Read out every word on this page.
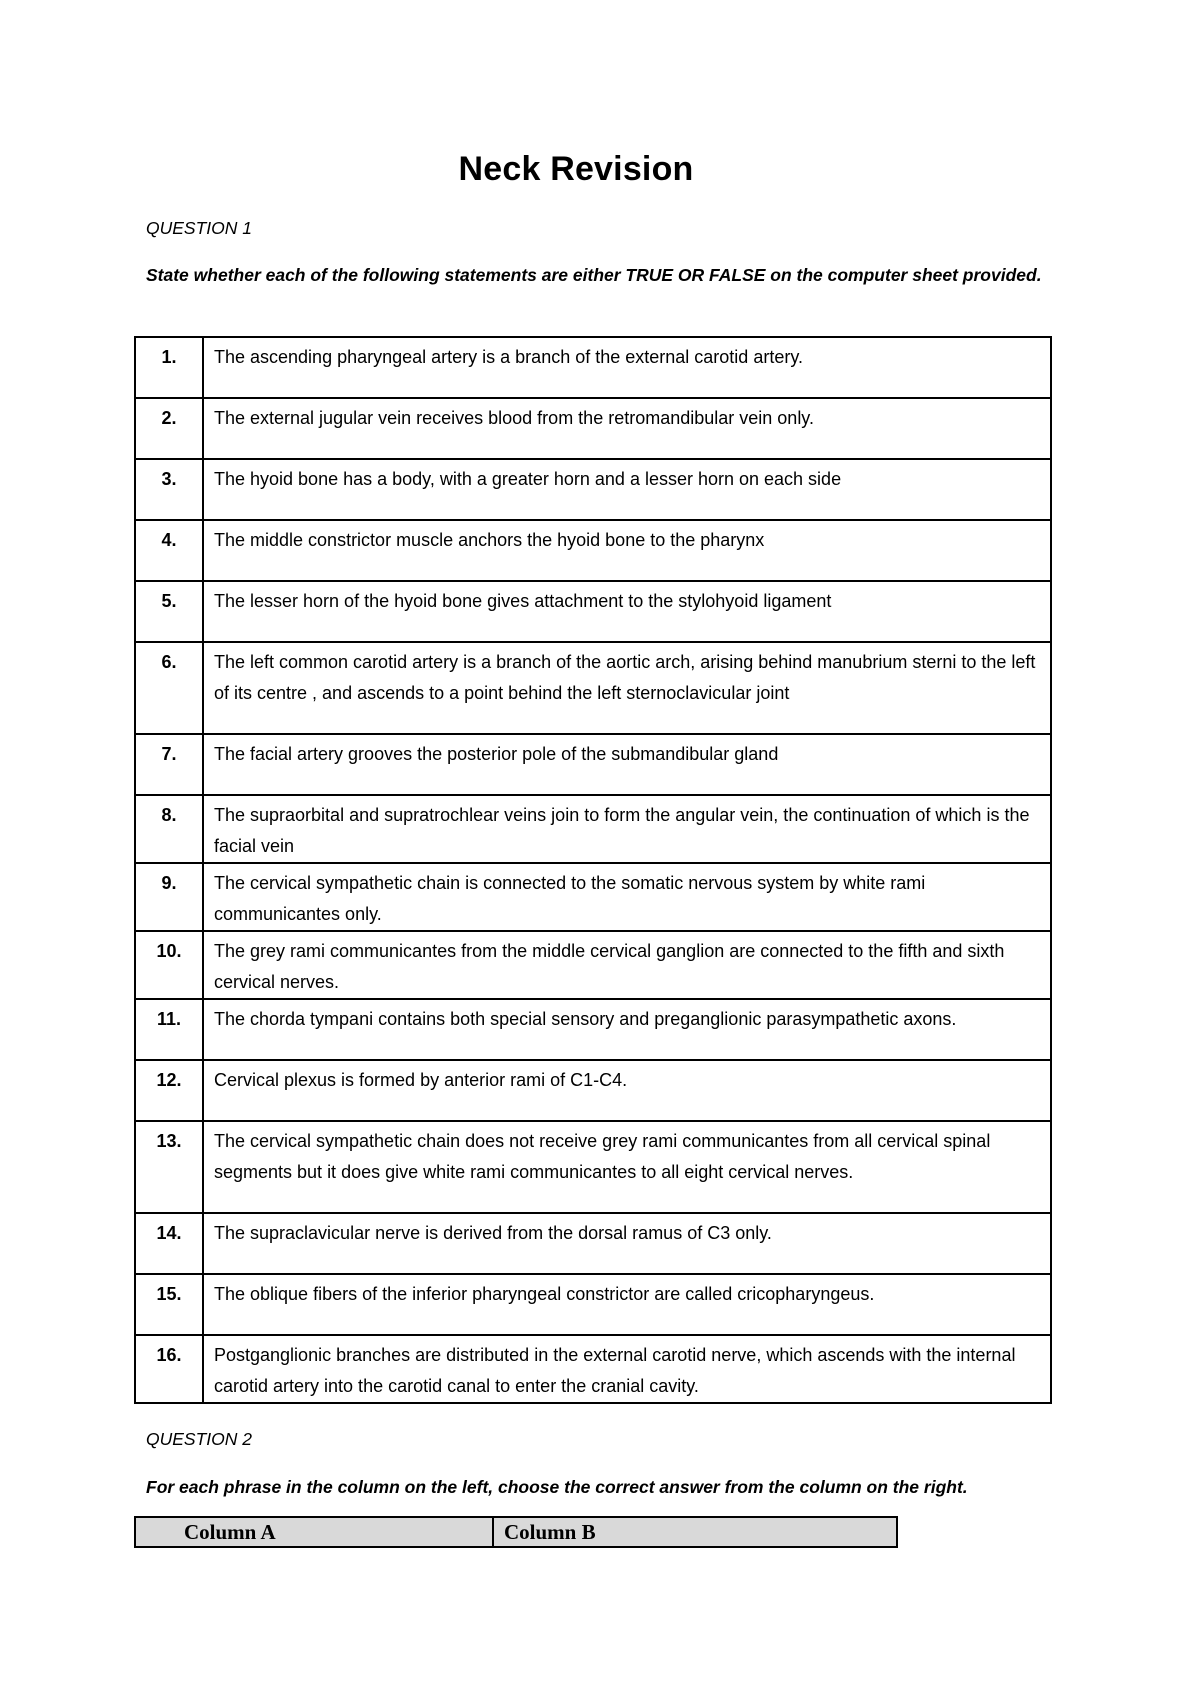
Neck Revision
QUESTION 1
State whether each of the following statements are either TRUE OR FALSE on the computer sheet provided.
1.	The ascending pharyngeal artery is a branch of the external carotid artery.
2.	The external jugular vein receives blood from the retromandibular vein only.
3.	The hyoid bone has a body, with a greater horn and a lesser horn on each side
4.	The middle constrictor muscle anchors the hyoid bone to the pharynx
5.	The lesser horn of the hyoid bone gives attachment to the stylohyoid ligament
6.	The left common carotid artery is a branch of the aortic arch, arising behind manubrium sterni to the left of its centre , and ascends to a point behind the left sternoclavicular joint
7.	The facial artery grooves the posterior pole of the submandibular gland
8.	The supraorbital and supratrochlear veins join to form the angular vein, the continuation of which is the facial vein
9.	The cervical sympathetic chain is connected to the somatic nervous system by white rami communicantes only.
10.	The grey rami communicantes from the middle cervical ganglion are connected to the fifth and sixth cervical nerves.
11.	The chorda tympani contains both special sensory and preganglionic parasympathetic axons.
12.	Cervical plexus is formed by anterior rami of C1-C4.
13.	The cervical sympathetic chain does not receive grey rami communicantes from all cervical spinal segments but it does give white rami communicantes to all eight cervical nerves.
14.	The supraclavicular nerve is derived from the dorsal ramus of C3 only.
15.	The oblique fibers of the inferior pharyngeal constrictor are called cricopharyngeus.
16.	Postganglionic branches are distributed in the external carotid nerve, which ascends with the internal carotid artery into the carotid canal to enter the cranial cavity.
QUESTION 2
For each phrase in the column on the left, choose the correct answer from the column on the right.
Column A	Column B
